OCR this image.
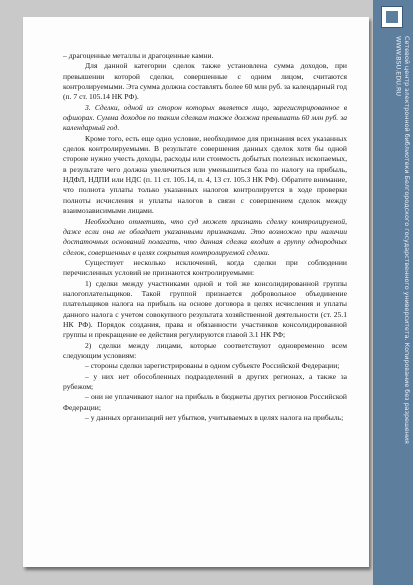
Сетевой центр электронной библиотеки Белгородского государственного университета. Копирование без разрешения
WWW.BSU.EDU.RU

– драгоценные металлы и драгоценные камни.

Для данной категории сделок также установлена сумма доходов, при превышении которой сделки, совершенные с одним лицом, считаются контролируемыми. Эта сумма должна составлять более 60 млн руб. за календарный год (п. 7 ст. 105.14 НК РФ).

3. Сделки, одной из сторон которых является лицо, зарегистрированное в офшорах. Сумма доходов по таким сделкам также должна превышать 60 млн руб. за календарный год.

Кроме того, есть еще одно условие, необходимое для признания всех указанных сделок контролируемыми. В результате совершения данных сделок хотя бы одной стороне нужно учесть доходы, расходы или стоимость добытых полезных ископаемых, в результате чего должна увеличиться или уменьшиться база по налогу на прибыль, НДФЛ, НДПИ или НДС (п. 11 ст. 105.14, п. 4, 13 ст. 105.3 НК РФ). Обратите внимание, что полнота уплаты только указанных налогов контролируется в ходе проверки полноты исчисления и уплаты налогов в связи с совершением сделок между взаимозависимыми лицами.

Необходимо отметить, что суд может признать сделку контролируемой, даже если она не обладает указанными признаками. Это возможно при наличии достаточных оснований полагать, что данная сделка входит в группу однородных сделок, совершенных в целях сокрытия контролируемой сделки.

Существует несколько исключений, когда сделки при соблюдении перечисленных условий не признаются контролируемыми:

1) сделки между участниками одной и той же консолидированной группы налогоплательщиков. Такой группой признается добровольное объединение плательщиков налога на прибыль на основе договора в целях исчисления и уплаты данного налога с учетом совокупного результата хозяйственной деятельности (ст. 25.1 НК РФ). Порядок создания, права и обязанности участников консолидированной группы и прекращение ее действия регулируются главой 3.1 НК РФ;

2) сделки между лицами, которые соответствуют одновременно всем следующим условиям:

– стороны сделки зарегистрированы в одном субъекте Российской Федерации;

– у них нет обособленных подразделений в других регионах, а также за рубежом;

– они не уплачивают налог на прибыль в бюджеты других регионов Российской Федерации;

– у данных организаций нет убытков, учитываемых в целях налога на прибыль;
